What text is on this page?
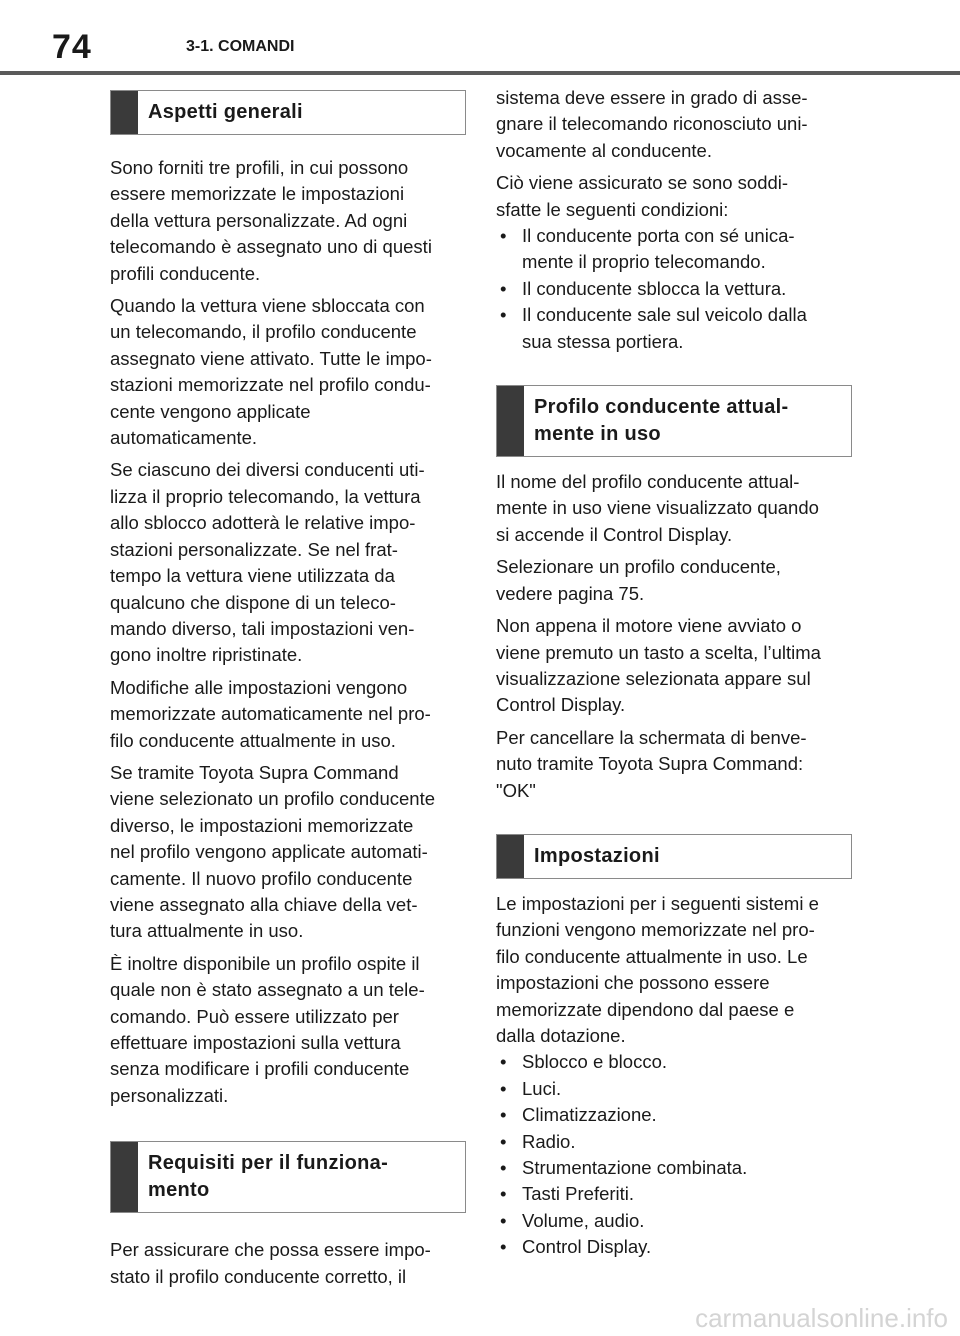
74	3-1. COMANDI
Aspetti generali

Sono forniti tre profili, in cui possono
essere memorizzate le impostazioni
della vettura personalizzate. Ad ogni
telecomando è assegnato uno di questi
profili conducente.

Quando la vettura viene sbloccata con
un telecomando, il profilo conducente
assegnato viene attivato. Tutte le impo-
stazioni memorizzate nel profilo condu-
cente vengono applicate
automaticamente.

Se ciascuno dei diversi conducenti uti-
lizza il proprio telecomando, la vettura
allo sblocco adotterà le relative impo-
stazioni personalizzate. Se nel frat-
tempo la vettura viene utilizzata da
qualcuno che dispone di un teleco-
mando diverso, tali impostazioni ven-
gono inoltre ripristinate.

Modifiche alle impostazioni vengono
memorizzate automaticamente nel pro-
filo conducente attualmente in uso.

Se tramite Toyota Supra Command
viene selezionato un profilo conducente
diverso, le impostazioni memorizzate
nel profilo vengono applicate automati-
camente. Il nuovo profilo conducente
viene assegnato alla chiave della vet-
tura attualmente in uso.

È inoltre disponibile un profilo ospite il
quale non è stato assegnato a un tele-
comando. Può essere utilizzato per
effettuare impostazioni sulla vettura
senza modificare i profili conducente
personalizzati.

Requisiti per il funziona-
mento

Per assicurare che possa essere impo-
stato il profilo conducente corretto, il

sistema deve essere in grado di asse-
gnare il telecomando riconosciuto uni-
vocamente al conducente.

Ciò viene assicurato se sono soddi-
sfatte le seguenti condizioni:

• Il conducente porta con sé unica-
mente il proprio telecomando.
• Il conducente sblocca la vettura.
• Il conducente sale sul veicolo dalla
sua stessa portiera.
Profilo conducente attual-
mente in uso

Il nome del profilo conducente attual-
mente in uso viene visualizzato quando
si accende il Control Display.

Selezionare un profilo conducente,
vedere pagina 75.

Non appena il motore viene avviato o
viene premuto un tasto a scelta, l’ultima
visualizzazione selezionata appare sul
Control Display.

Per cancellare la schermata di benve-
nuto tramite Toyota Supra Command:
"OK"

Impostazioni

Le impostazioni per i seguenti sistemi e
funzioni vengono memorizzate nel pro-
filo conducente attualmente in uso. Le
impostazioni che possono essere
memorizzate dipendono dal paese e
dalla dotazione.

• Sblocco e blocco.
• Luci.
• Climatizzazione.
• Radio.
• Strumentazione combinata.
• Tasti Preferiti.
• Volume, audio.
• Control Display.
carmanualsonline.info
